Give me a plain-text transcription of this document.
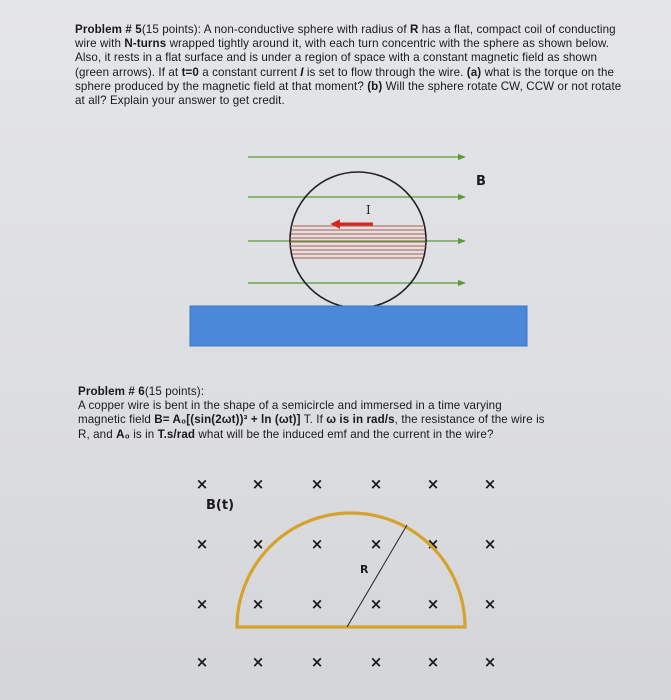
Problem # 5(15 points): A non-conductive sphere with radius of R has a flat, compact coil of conducting wire with N-turns wrapped tightly around it, with each turn concentric with the sphere as shown below. Also, it rests in a flat surface and is under a region of space with a constant magnetic field as shown (green arrows). If at t=0 a constant current I is set to flow through the wire. (a) what is the torque on the sphere produced by the magnetic field at that moment? (b) Will the sphere rotate CW, CCW or not rotate at all? Explain your answer to get credit.

I
B
×	×	×	×	×	×
×	×	×	×	×	×
×	×	×	×	×	×
×	×	×	×	×	×
R
B(t)

Problem # 6(15 points):
A copper wire is bent in the shape of a semicircle and immersed in a time varying
magnetic field B= A₀[(sin(2ωt))³ + ln (ωt)] T. If ω is in rad/s, the resistance of the wire is
R, and A₀ is in T.s/rad what will be the induced emf and the current in the wire?
